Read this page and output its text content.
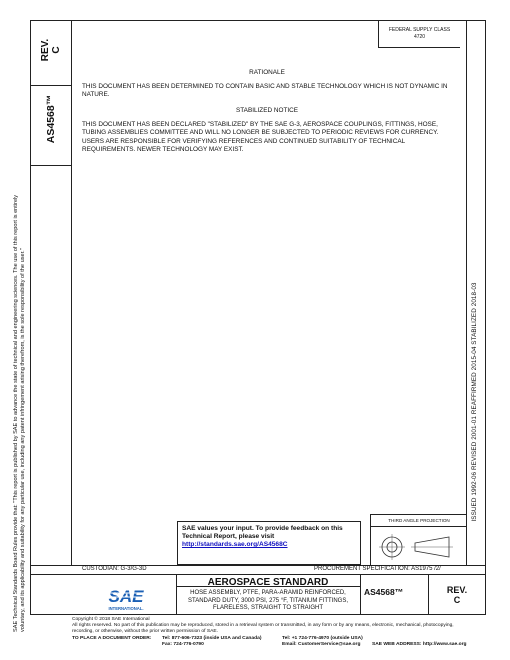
REV. C
AS4568™
SAE Technical Standards Board Rules provide that: "This report is published by SAE to advance the state of technical and engineering sciences. The use of this report is entirely voluntary, and its applicability and suitability for any particular use, including any patent infringement arising therefrom, is the sole responsibility of the user."
FEDERAL SUPPLY CLASS
4720
RATIONALE
THIS DOCUMENT HAS BEEN DETERMINED TO CONTAIN BASIC AND STABLE TECHNOLOGY WHICH IS NOT DYNAMIC IN NATURE.
STABILIZED NOTICE
THIS DOCUMENT HAS BEEN DECLARED "STABILIZED" BY THE SAE G-3, AEROSPACE COUPLINGS, FITTINGS, HOSE, TUBING ASSEMBLIES COMMITTEE AND WILL NO LONGER BE SUBJECTED TO PERIODIC REVIEWS FOR CURRENCY. USERS ARE RESPONSIBLE FOR VERIFYING REFERENCES AND CONTINUED SUITABILITY OF TECHNICAL REQUIREMENTS. NEWER TECHNOLOGY MAY EXIST.
ISSUED 1992-06 REVISED 2001-01 REAFFIRMED 2015-04 STABILIZED 2018-03
SAE values your input. To provide feedback on this
Technical Report, please visit
http://standards.sae.org/AS4568C
THIRD ANGLE PROJECTION
CUSTODIAN: G-3/G-3D	PROCUREMENT SPECIFICATION: AS1975 /2/
SAE
INTERNATIONAL.
AEROSPACE STANDARD
HOSE ASSEMBLY, PTFE, PARA-ARAMID REINFORCED,
STANDARD DUTY, 3000 PSI, 275 °F, TITANIUM FITTINGS,
FLARELESS, STRAIGHT TO STRAIGHT
AS4568™	REV.
C
Copyright © 2018 SAE International
All rights reserved. No part of this publication may be reproduced, stored in a retrieval system or transmitted, in any form or by any means, electronic, mechanical, photocopying,
recording, or otherwise, without the prior written permission of SAE.
TO PLACE A DOCUMENT ORDER: Tel: 877-606-7323 (inside USA and Canada)
Fax: 724-776-0790
Tel: +1 724-776-4970 (outside USA)
Email: CustomerService@sae.org SAE WEB ADDRESS: http://www.sae.org
